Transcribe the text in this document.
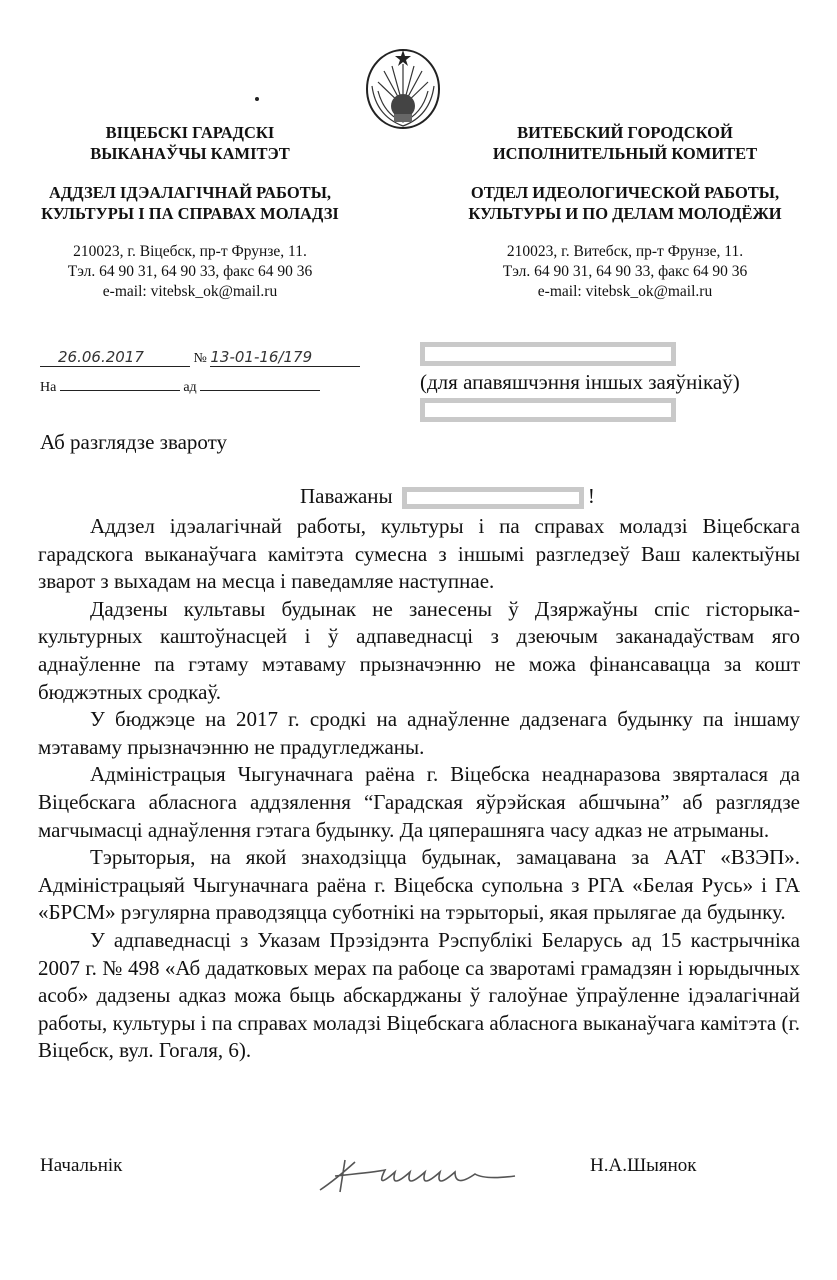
ВІЦЕБСКІ ГАРАДСКІ
ВЫКАНАЎЧЫ КАМІТЭТ
АДДЗЕЛ ІДЭАЛАГІЧНАЙ РАБОТЫ,
КУЛЬТУРЫ І ПА СПРАВАХ МОЛАДЗІ
210023, г. Віцебск, пр-т Фрунзе, 11.
Тэл. 64 90 31, 64 90 33, факс 64 90 36
e-mail: vitebsk_ok@mail.ru
ВИТЕБСКИЙ ГОРОДСКОЙ
ИСПОЛНИТЕЛЬНЫЙ КОМИТЕТ
ОТДЕЛ ИДЕОЛОГИЧЕСКОЙ РАБОТЫ,
КУЛЬТУРЫ И ПО ДЕЛАМ МОЛОДЁЖИ
210023, г. Витебск, пр-т Фрунзе, 11.
Тэл. 64 90 31, 64 90 33, факс 64 90 36
e-mail: vitebsk_ok@mail.ru
26.06.2017	№ 13-01-16/179
На	ад	(для апавяшчэння іншых заяўнікаў)
Аб разглядзе звароту
Паважаны	!

Аддзел ідэалагічнай работы, культуры і па справах моладзі Віцебскага гарадскога выканаўчага камітэта сумесна з іншымі разгледзеў Ваш калектыўны зварот з выхадам на месца і паведамляе наступнае.

Дадзены культавы будынак не занесены ў Дзяржаўны спіс гісторыка-культурных каштоўнасцей і ў адпаведнасці з дзеючым заканадаўствам яго аднаўленне па гэтаму мэтаваму прызначэнню не можа фінансавацца за кошт бюджэтных сродкаў.

У бюджэце на 2017 г. сродкі на аднаўленне дадзенага будынку па іншаму мэтаваму прызначэнню не прадугледжаны.

Адміністрацыя Чыгуначнага раёна г. Віцебска неаднаразова звярталася да Віцебскага абласнога аддзялення “Гарадская яўрэйская абшчына” аб разглядзе магчымасці аднаўлення гэтага будынку. Да цяперашняга часу адказ не атрыманы.

Тэрыторыя, на якой знаходзіцца будынак, замацавана за ААТ «ВЗЭП». Адміністрацыяй Чыгуначнага раёна г. Віцебска супольна з РГА «Белая Русь» і ГА «БРСМ» рэгулярна праводзяцца суботнікі на тэрыторыі, якая прылягае да будынку.

У адпаведнасці з Указам Прэзідэнта Рэспублікі Беларусь ад 15 кастрычніка 2007 г. № 498 «Аб дадатковых мерах па рабоце са зваротамі грамадзян і юрыдычных асоб» дадзены адказ можа быць абскарджаны ў галоўнае ўпраўленне ідэалагічнай работы, культуры і па справах моладзі Віцебскага абласнога выканаўчага камітэта (г. Віцебск, вул. Гогаля, 6).

Начальнік	Н.А.Шыянок
